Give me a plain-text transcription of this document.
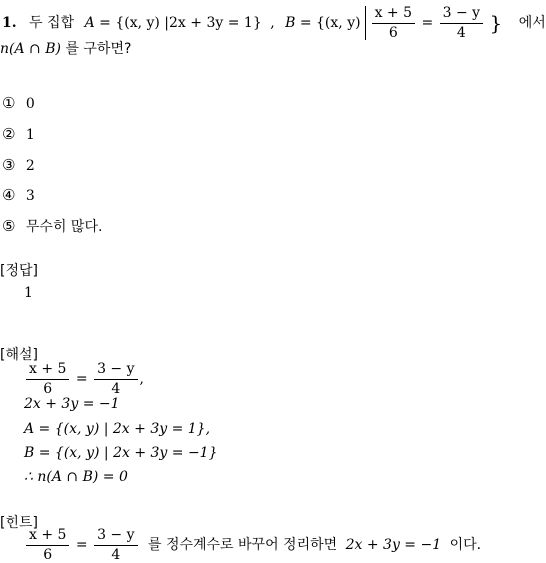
1. 두 집합 A = {(x, y) |2x + 3y = 1} , B = {(x, $y) \frac{x + 5}{6} = \frac{3 - y}{4}$ } 에서
n(A ∩ B) 를 구하면?
① 0
② 1
③ 2
④ 3
⑤ 무수히 많다.
[정답]
1
[해설]
$\frac{x + 5}{6} = \frac{3 - y}{4}$ ,
2x + 3y = −1
A = {(x, y) | 2x + 3y = 1},
B = {(x, y) | 2x + 3y = −1}
∴ n(A ∩ B) = 0
[힌트]
$\frac{x + 5}{6} = \frac{3 - y}{4}$ 를 정수계수로 바꾸어 정리하면 2x + 3y = −1 이다.
